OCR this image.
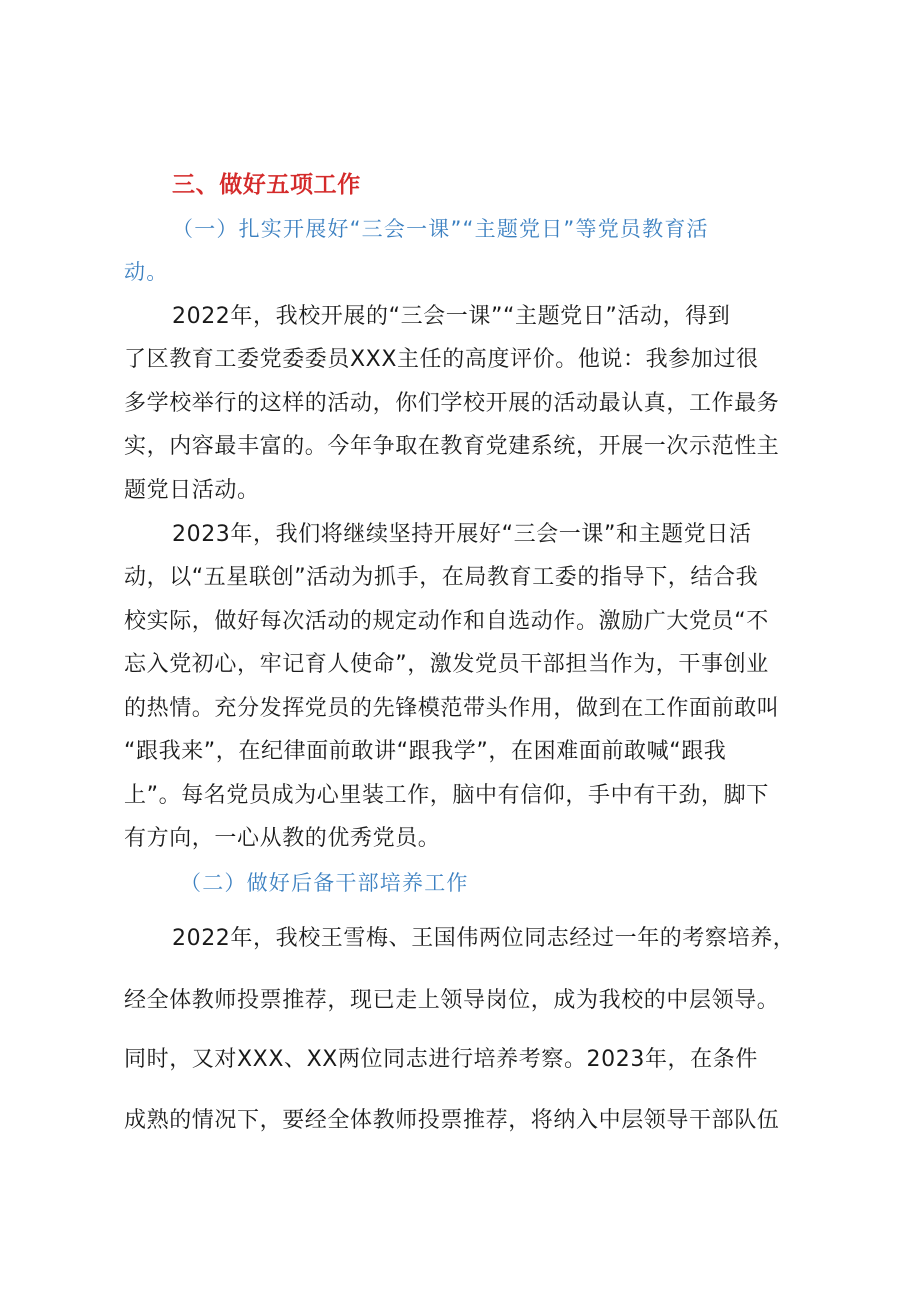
三、做好五项工作
（一）扎实开展好“三会一课”“主题党日”等党员教育活
动。
2022年，我校开展的“三会一课”“主题党日”活动，得到
了区教育工委党委委员XXX主任的高度评价。他说：我参加过很
多学校举行的这样的活动，你们学校开展的活动最认真，工作最务
实，内容最丰富的。今年争取在教育党建系统，开展一次示范性主
题党日活动。
2023年，我们将继续坚持开展好“三会一课”和主题党日活
动，以“五星联创”活动为抓手，在局教育工委的指导下，结合我
校实际，做好每次活动的规定动作和自选动作。激励广大党员“不
忘入党初心，牢记育人使命”，激发党员干部担当作为，干事创业
的热情。充分发挥党员的先锋模范带头作用，做到在工作面前敢叫
“跟我来”，在纪律面前敢讲“跟我学”，在困难面前敢喊“跟我
上”。每名党员成为心里装工作，脑中有信仰，手中有干劲，脚下
有方向，一心从教的优秀党员。
（二）做好后备干部培养工作
2022年，我校王雪梅、王国伟两位同志经过一年的考察培养，
经全体教师投票推荐，现已走上领导岗位，成为我校的中层领导。
同时，又对XXX、XX两位同志进行培养考察。2023年，在条件
成熟的情况下，要经全体教师投票推荐，将纳入中层领导干部队伍
